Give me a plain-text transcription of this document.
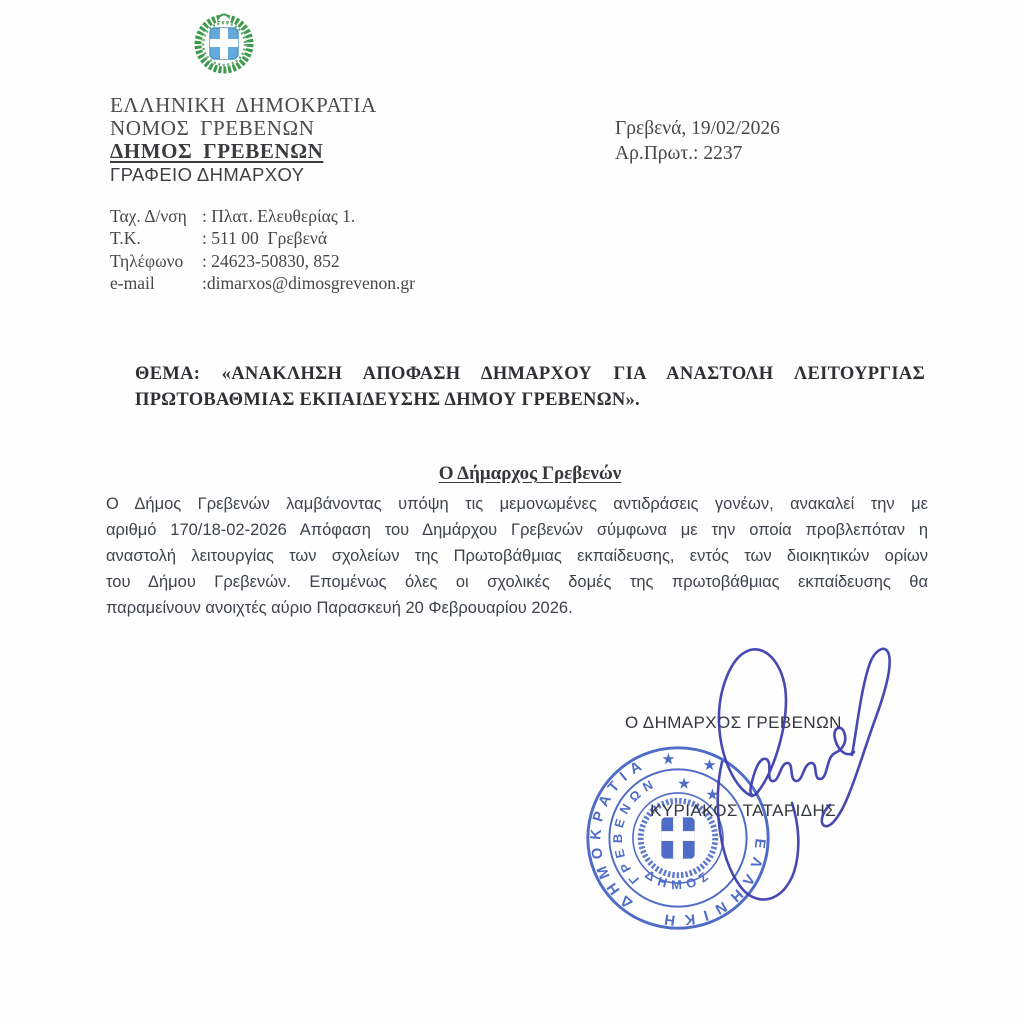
ΕΛΛΗΝΙΚΗ ΔΗΜΟΚΡΑΤΙΑ
ΝΟΜΟΣ ΓΡΕΒΕΝΩΝ
ΔΗΜΟΣ ΓΡΕΒΕΝΩΝ
ΓΡΑΦΕΙΟ ΔΗΜΑΡΧΟΥ
Γρεβενά, 19/02/2026
Αρ.Πρωτ.: 2237
Ταχ. Δ/νση : Πλατ. Ελευθερίας 1.
Τ.Κ.	: 511 00  Γρεβενά
Τηλέφωνο	: 24623-50830, 852
e-mail	:dimarxos@dimosgrevenon.gr
ΘΕΜΑ: «ΑΝΑΚΛΗΣΗ ΑΠΟΦΑΣΗ ΔΗΜΑΡΧΟΥ ΓΙΑ ΑΝΑΣΤΟΛΗ ΛΕΙΤΟΥΡΓΙΑΣ
ΠΡΩΤΟΒΑΘΜΙΑΣ ΕΚΠΑΙΔΕΥΣΗΣ ΔΗΜΟΥ ΓΡΕΒΕΝΩΝ».
Ο Δήμαρχος Γρεβενών
Ο Δήμος Γρεβενών λαμβάνοντας υπόψη τις μεμονωμένες αντιδράσεις γονέων, ανακαλεί την με
αριθμό 170/18-02-2026 Απόφαση του Δημάρχου Γρεβενών σύμφωνα με την οποία προβλεπόταν η
αναστολή λειτουργίας των σχολείων της Πρωτοβάθμιας εκπαίδευσης, εντός των διοικητικών ορίων
του Δήμου Γρεβενών. Επομένως όλες οι σχολικές δομές της πρωτοβάθμιας εκπαίδευσης θα
παραμείνουν ανοιχτές αύριο Παρασκευή 20 Φεβρουαρίου 2026.
Ο ΔΗΜΑΡΧΟΣ ΓΡΕΒΕΝΩΝ
ΚΥΡΙΑΚΟΣ ΤΑΤΑΡΙΔΗΣ
ΕΛΛΗΝΙΚΗ
ΔΗΜΟΚΡΑΤΙΑ
ΓΡΕΒΕΝΩΝ
ΔΗΜΟΣ
★ ★
★
★
